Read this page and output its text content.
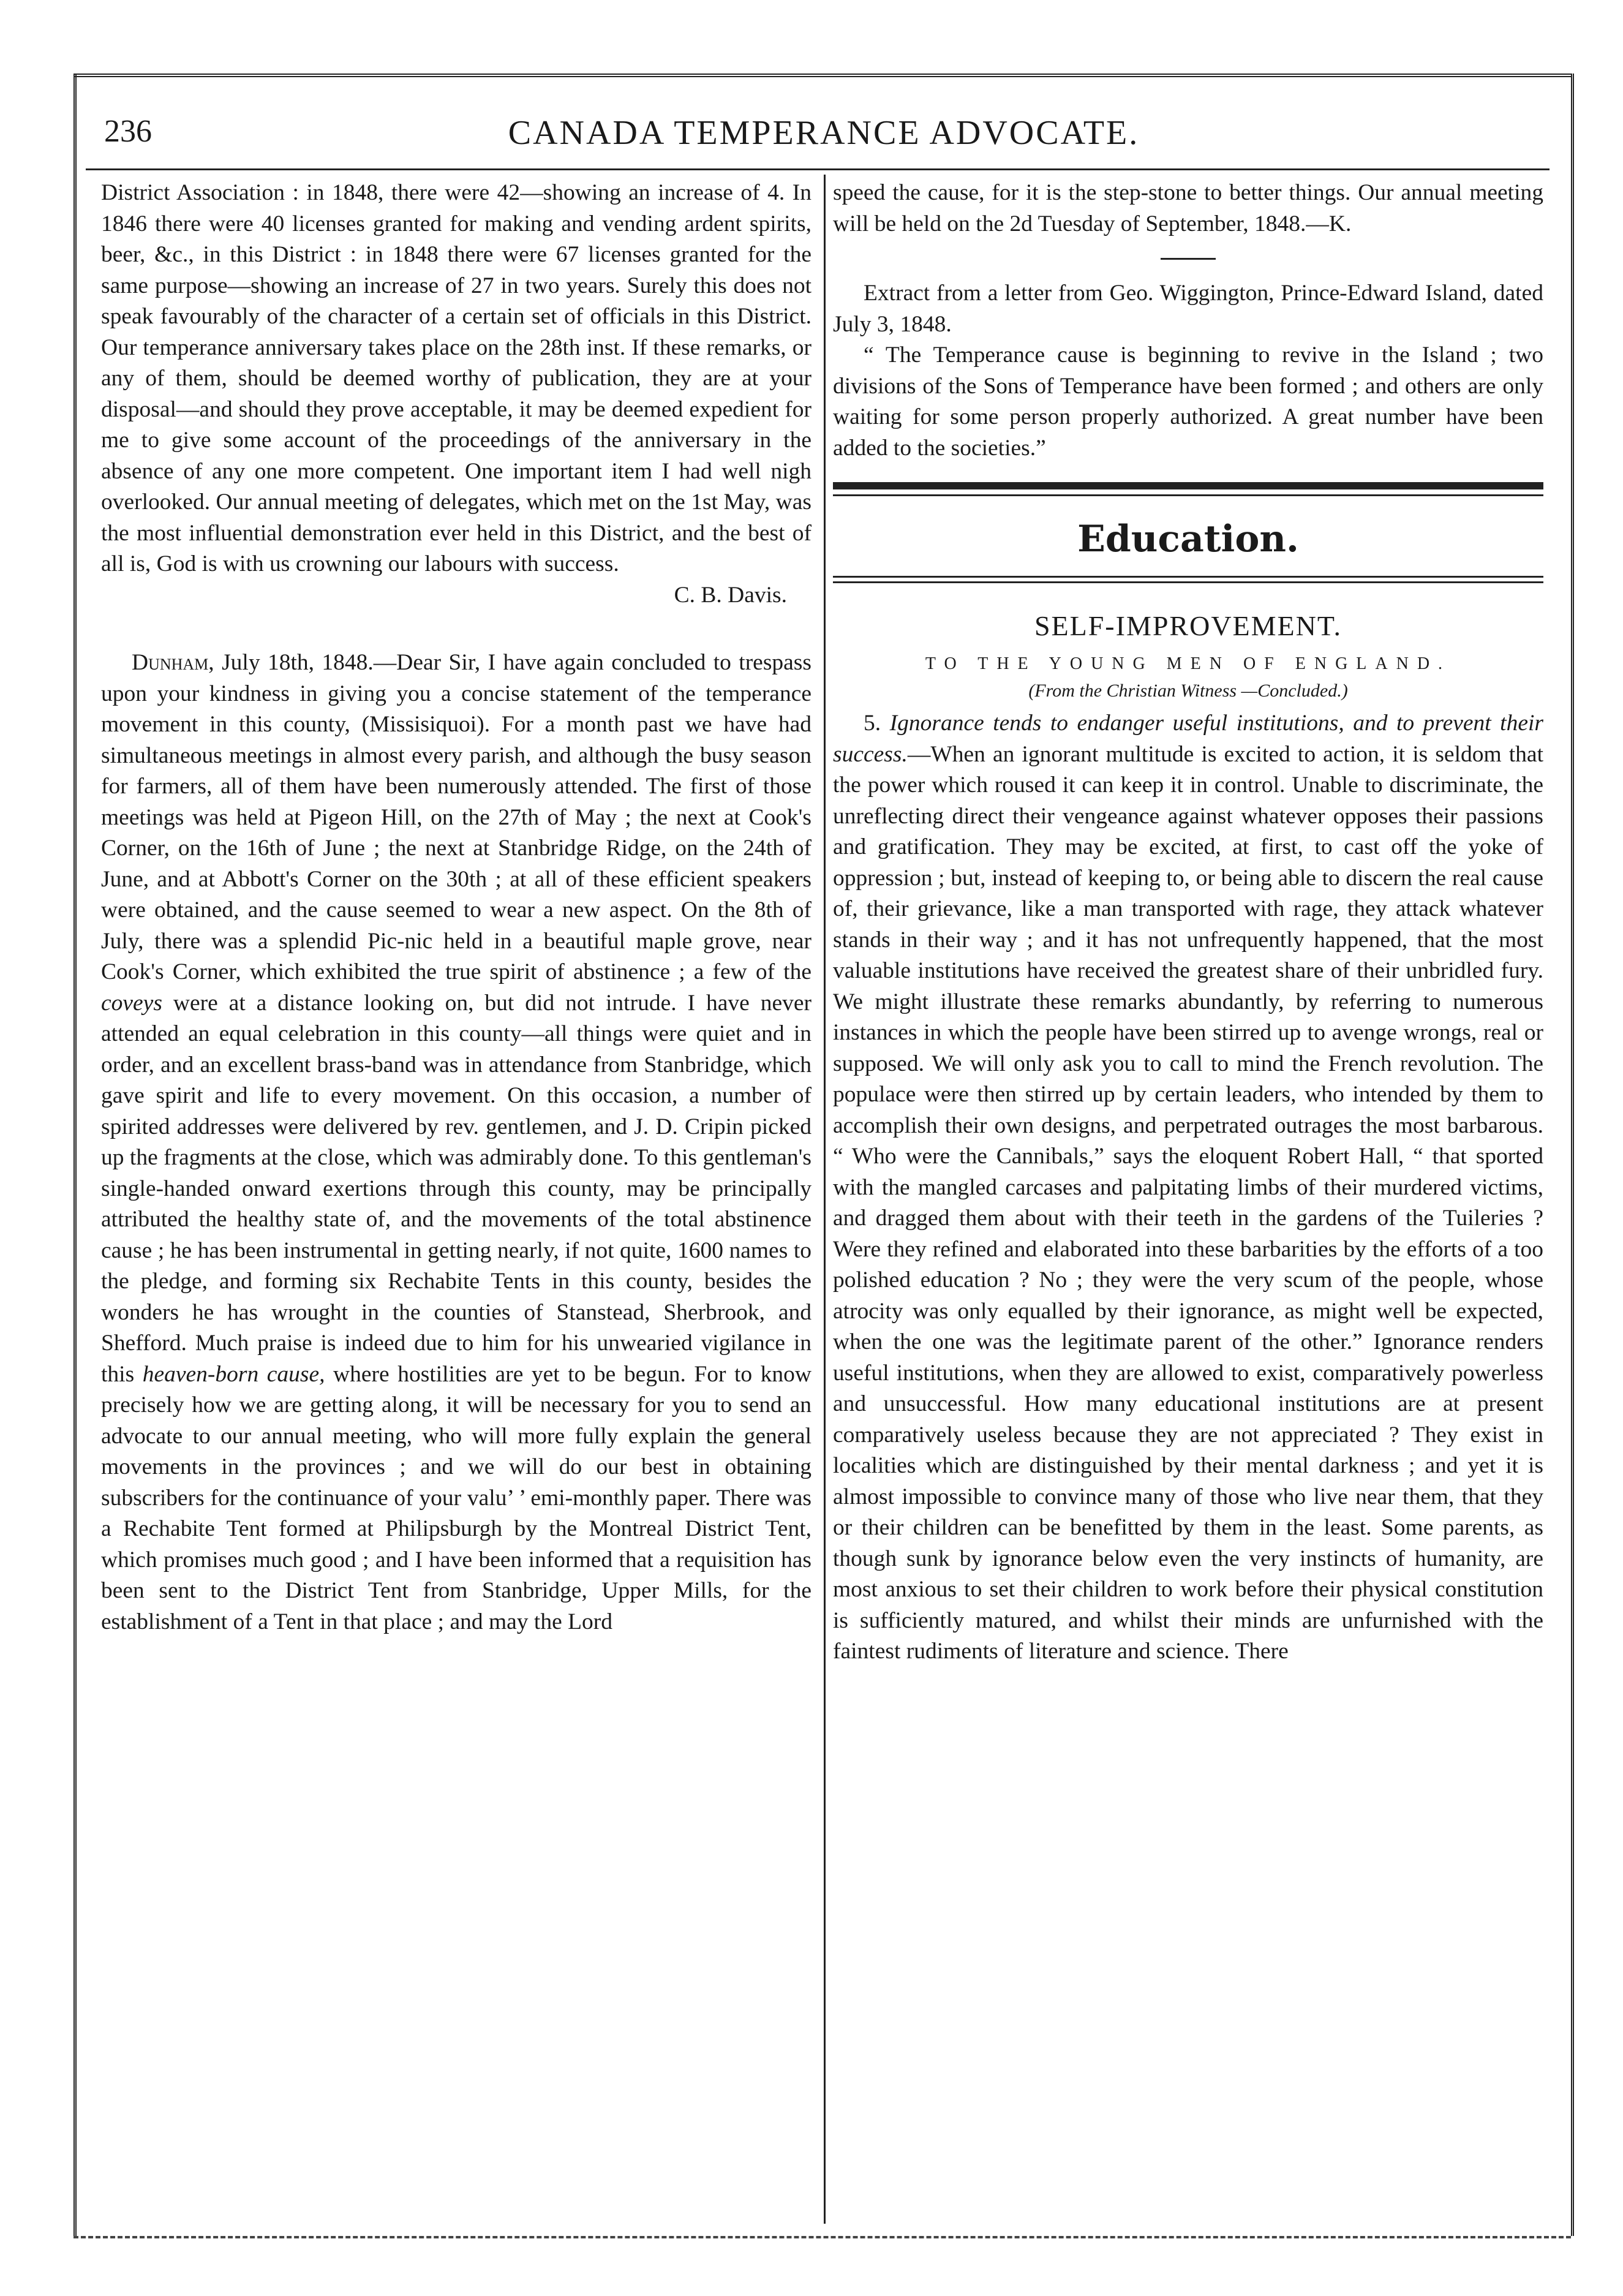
236	CANADA TEMPERANCE ADVOCATE.

District Association : in 1848, there were 42—showing an increase of 4. In 1846 there were 40 licenses granted for making and vending ardent spirits, beer, &c., in this District : in 1848 there were 67 licenses granted for the same purpose—showing an increase of 27 in two years. Surely this does not speak favourably of the character of a certain set of officials in this District. Our temperance anniversary takes place on the 28th inst. If these remarks, or any of them, should be deemed worthy of publication, they are at your disposal—and should they prove acceptable, it may be deemed expedient for me to give some account of the proceedings of the anniversary in the absence of any one more competent. One important item I had well nigh overlooked. Our annual meeting of delegates, which met on the 1st May, was the most influential demonstration ever held in this District, and the best of all is, God is with us crowning our labours with success.

C. B. Davis.

Dunham, July 18th, 1848.—Dear Sir, I have again concluded to trespass upon your kindness in giving you a concise statement of the temperance movement in this county, (Missisiquoi). For a month past we have had simultaneous meetings in almost every parish, and although the busy season for farmers, all of them have been numerously attended. The first of those meetings was held at Pigeon Hill, on the 27th of May ; the next at Cook's Corner, on the 16th of June ; the next at Stanbridge Ridge, on the 24th of June, and at Abbott's Corner on the 30th ; at all of these efficient speakers were obtained, and the cause seemed to wear a new aspect. On the 8th of July, there was a splendid Pic-nic held in a beautiful maple grove, near Cook's Corner, which exhibited the true spirit of abstinence ; a few of the coveys were at a distance looking on, but did not intrude. I have never attended an equal celebration in this county—all things were quiet and in order, and an excellent brass-band was in attendance from Stanbridge, which gave spirit and life to every movement. On this occasion, a number of spirited addresses were delivered by rev. gentlemen, and J. D. Cripin picked up the fragments at the close, which was admirably done. To this gentleman's single-handed onward exertions through this county, may be principally attributed the healthy state of, and the movements of the total abstinence cause ; he has been instrumental in getting nearly, if not quite, 1600 names to the pledge, and forming six Rechabite Tents in this county, besides the wonders he has wrought in the counties of Stanstead, Sherbrook, and Shefford. Much praise is indeed due to him for his unwearied vigilance in this heaven-born cause, where hostilities are yet to be begun. For to know precisely how we are getting along, it will be necessary for you to send an advocate to our annual meeting, who will more fully explain the general movements in the provinces ; and we will do our best in obtaining subscribers for the continuance of your valu’ ’ emi-monthly paper. There was a Rechabite Tent formed at Philipsburgh by the Montreal District Tent, which promises much good ; and I have been informed that a requisition has been sent to the District Tent from Stanbridge, Upper Mills, for the establishment of a Tent in that place ; and may the Lord

speed the cause, for it is the step-stone to better things. Our annual meeting will be held on the 2d Tuesday of September, 1848.—K.

Extract from a letter from Geo. Wiggington, Prince-Edward Island, dated July 3, 1848.

“ The Temperance cause is beginning to revive in the Island ; two divisions of the Sons of Temperance have been formed ; and others are only waiting for some person properly authorized. A great number have been added to the societies.”

Education.
SELF-IMPROVEMENT.
TO THE YOUNG MEN OF ENGLAND.
(From the Christian Witness —Concluded.)

5. Ignorance tends to endanger useful institutions, and to prevent their success.—When an ignorant multitude is excited to action, it is seldom that the power which roused it can keep it in control. Unable to discriminate, the unreflecting direct their vengeance against whatever opposes their passions and gratification. They may be excited, at first, to cast off the yoke of oppression ; but, instead of keeping to, or being able to discern the real cause of, their grievance, like a man transported with rage, they attack whatever stands in their way ; and it has not unfrequently happened, that the most valuable institutions have received the greatest share of their unbridled fury. We might illustrate these remarks abundantly, by referring to numerous instances in which the people have been stirred up to avenge wrongs, real or supposed. We will only ask you to call to mind the French revolution. The populace were then stirred up by certain leaders, who intended by them to accomplish their own designs, and perpetrated outrages the most barbarous. “ Who were the Cannibals,” says the eloquent Robert Hall, “ that sported with the mangled carcases and palpitating limbs of their murdered victims, and dragged them about with their teeth in the gardens of the Tuileries ? Were they refined and elaborated into these barbarities by the efforts of a too polished education ? No ; they were the very scum of the people, whose atrocity was only equalled by their ignorance, as might well be expected, when the one was the legitimate parent of the other.” Ignorance renders useful institutions, when they are allowed to exist, comparatively powerless and unsuccessful. How many educational institutions are at present comparatively useless because they are not appreciated ? They exist in localities which are distinguished by their mental darkness ; and yet it is almost impossible to convince many of those who live near them, that they or their children can be benefitted by them in the least. Some parents, as though sunk by ignorance below even the very instincts of humanity, are most anxious to set their children to work before their physical constitution is sufficiently matured, and whilst their minds are unfurnished with the faintest rudiments of literature and science. There
